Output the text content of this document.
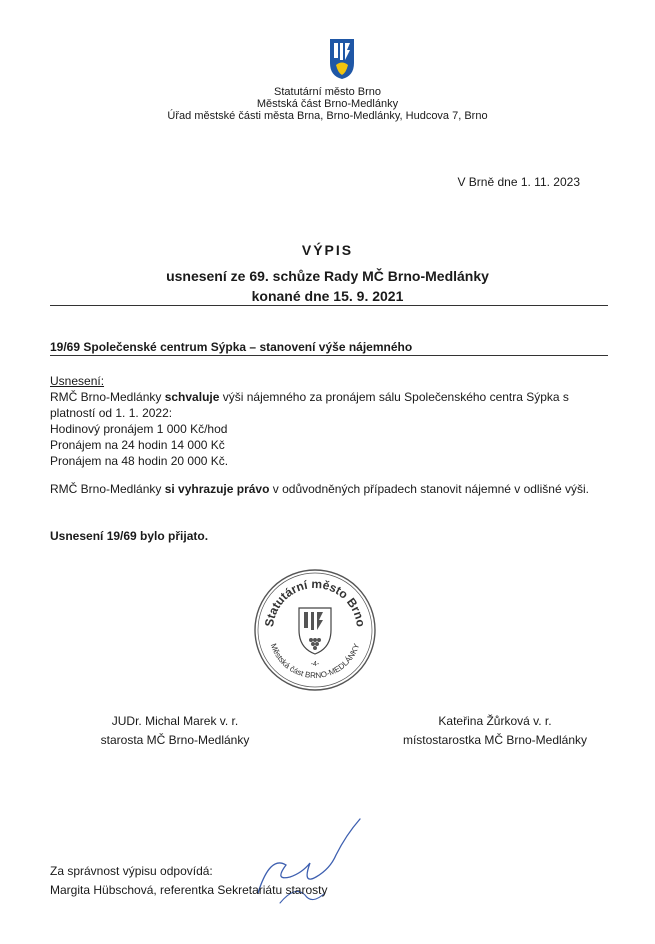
Statutární město Brno
Městská část Brno-Medlánky
Úřad městské části města Brna, Brno-Medlánky, Hudcova 7, Brno
V Brně dne 1. 11. 2023
VÝPIS
usnesení ze 69. schůze Rady MČ Brno-Medlánky
konané dne 15. 9. 2021
19/69 Společenské centrum Sýpka – stanovení výše nájemného
Usnesení:
RMČ Brno-Medlánky schvaluje výši nájemného za pronájem sálu Společenského centra Sýpka s platností od 1. 1. 2022:
Hodinový pronájem 1 000 Kč/hod
Pronájem na 24 hodin 14 000 Kč
Pronájem na 48 hodin 20 000 Kč.
RMČ Brno-Medlánky si vyhrazuje právo v odůvodněných případech stanovit nájemné v odlišné výši.
Usnesení 19/69 bylo přijato.
Statutární město Brno
Městská část BRNO-MEDLÁNKY
-4-
JUDr. Michal Marek v. r.
starosta MČ Brno-Medlánky
Kateřina Žůrková v. r.
místostarostka MČ Brno-Medlánky
Za správnost výpisu odpovídá:
Margita Hübschová, referentka Sekretariátu starosty
